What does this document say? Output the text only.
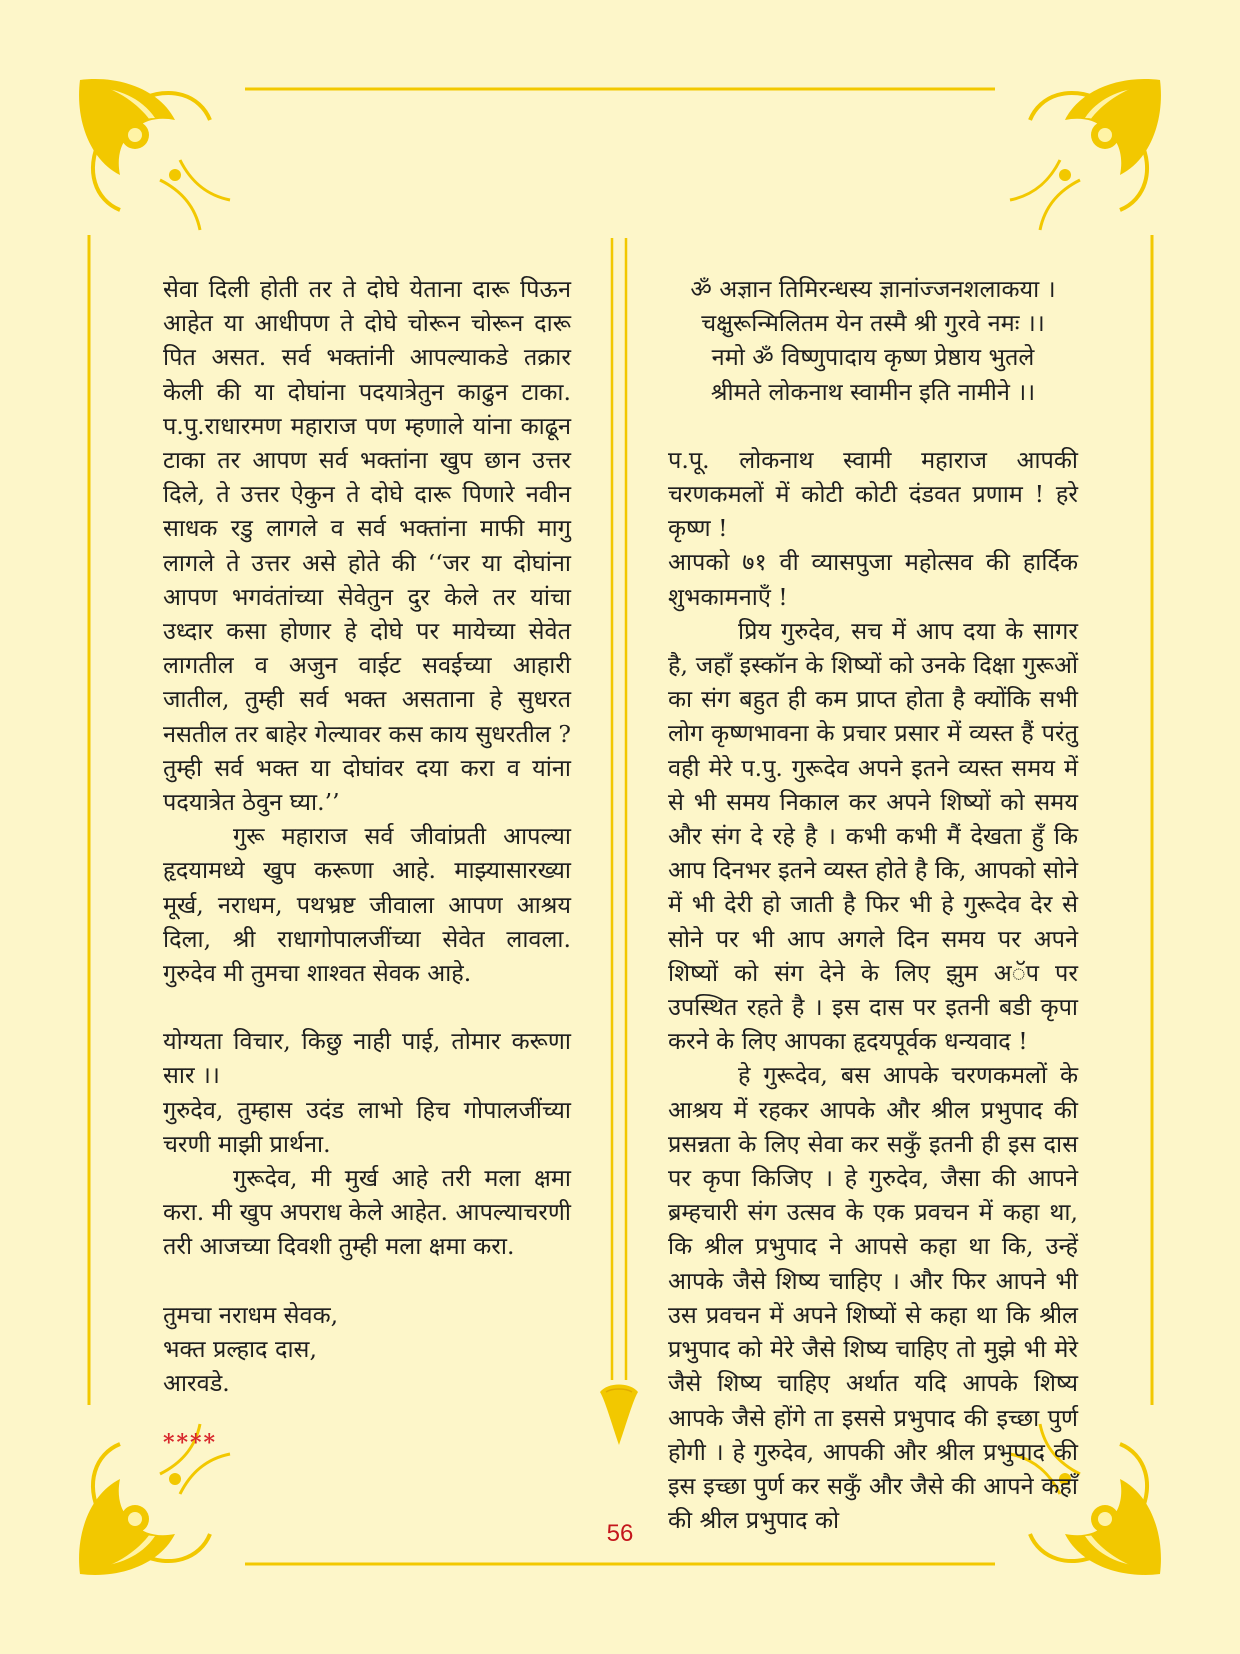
सेवा दिली होती तर ते दोघे येताना दारू पिऊन आहेत या आधीपण ते दोघे चोरून चोरून दारू पित असत. सर्व भक्तांनी आपल्याकडे तक्रार केली की या दोघांना पदयात्रेतुन काढुन टाका. प.पु.राधारमण महाराज पण म्हणाले यांना काढून टाका तर आपण सर्व भक्तांना खुप छान उत्तर दिले, ते उत्तर ऐकुन ते दोघे दारू पिणारे नवीन साधक रडु लागले व सर्व भक्तांना माफी मागु लागले ते उत्तर असे होते की ‘‘जर या दोघांना आपण भगवंतांच्या सेवेतुन दुर केले तर यांचा उध्दार कसा होणार हे दोघे पर मायेच्या सेवेत लागतील व अजुन वाईट सवईच्या आहारी जातील, तुम्ही सर्व भक्त असताना हे सुधरत नसतील तर बाहेर गेल्यावर कस काय सुधरतील ? तुम्ही सर्व भक्त या दोघांवर दया करा व यांना पदयात्रेत ठेवुन घ्या.’’

गुरू महाराज सर्व जीवांप्रती आपल्या हृदयामध्ये खुप करूणा आहे. माझ्यासारख्या मूर्ख, नराधम, पथभ्रष्ट जीवाला आपण आश्रय दिला, श्री राधागोपालजींच्या सेवेत लावला. गुरुदेव मी तुमचा शाश्वत सेवक आहे.

योग्यता विचार, किछु नाही पाई, तोमार करूणा सार ।।

गुरुदेव, तुम्हास उदंड लाभो हिच गोपालजींच्या चरणी माझी प्रार्थना.

गुरूदेव, मी मुर्ख आहे तरी मला क्षमा करा. मी खुप अपराध केले आहेत. आपल्याचरणी तरी आजच्या दिवशी तुम्ही मला क्षमा करा.

तुमचा नराधम सेवक,

भक्त प्रल्हाद दास,

आरवडे.

****

ॐ अज्ञान तिमिरन्धस्य ज्ञानांज्जनशलाकया ।

चक्षुरून्मिलितम येन तस्मै श्री गुरवे नमः ।।

नमो ॐ विष्णुपादाय कृष्ण प्रेष्ठाय भुतले

श्रीमते लोकनाथ स्वामीन इति नामीने ।।

प.पू. लोकनाथ स्वामी महाराज आपकी चरणकमलों में कोटी कोटी दंडवत प्रणाम ! हरे कृष्ण !

आपको ७१ वी व्यासपुजा महोत्सव की हार्दिक शुभकामनाएँ !

प्रिय गुरुदेव, सच में आप दया के सागर है, जहाँ इस्कॉन के शिष्यों को उनके दिक्षा गुरूओं का संग बहुत ही कम प्राप्त होता है क्योंकि सभी लोग कृष्णभावना के प्रचार प्रसार में व्यस्त हैं परंतु वही मेरे प.पु. गुरूदेव अपने इतने व्यस्त समय में से भी समय निकाल कर अपने शिष्यों को समय और संग दे रहे है । कभी कभी मैं देखता हुँ कि आप दिनभर इतने व्यस्त होते है कि, आपको सोने में भी देरी हो जाती है फिर भी हे गुरूदेव देर से सोने पर भी आप अगले दिन समय पर अपने शिष्यों को संग देने के लिए झुम अॅप पर उपस्थित रहते है । इस दास पर इतनी बडी कृपा करने के लिए आपका हृदयपूर्वक धन्यवाद !

हे गुरूदेव, बस आपके चरणकमलों के आश्रय में रहकर आपके और श्रील प्रभुपाद की प्रसन्नता के लिए सेवा कर सकुँ इतनी ही इस दास पर कृपा किजिए । हे गुरुदेव, जैसा की आपने ब्रम्हचारी संग उत्सव के एक प्रवचन में कहा था, कि श्रील प्रभुपाद ने आपसे कहा था कि, उन्हें आपके जैसे शिष्य चाहिए । और फिर आपने भी उस प्रवचन में अपने शिष्यों से कहा था कि श्रील प्रभुपाद को मेरे जैसे शिष्य चाहिए तो मुझे भी मेरे जैसे शिष्य चाहिए अर्थात यदि आपके शिष्य आपके जैसे होंगे ता इससे प्रभुपाद की इच्छा पुर्ण होगी । हे गुरुदेव, आपकी और श्रील प्रभुपाद की इस इच्छा पुर्ण कर सकुँ और जैसे की आपने कहाँ की श्रील प्रभुपाद को

56
